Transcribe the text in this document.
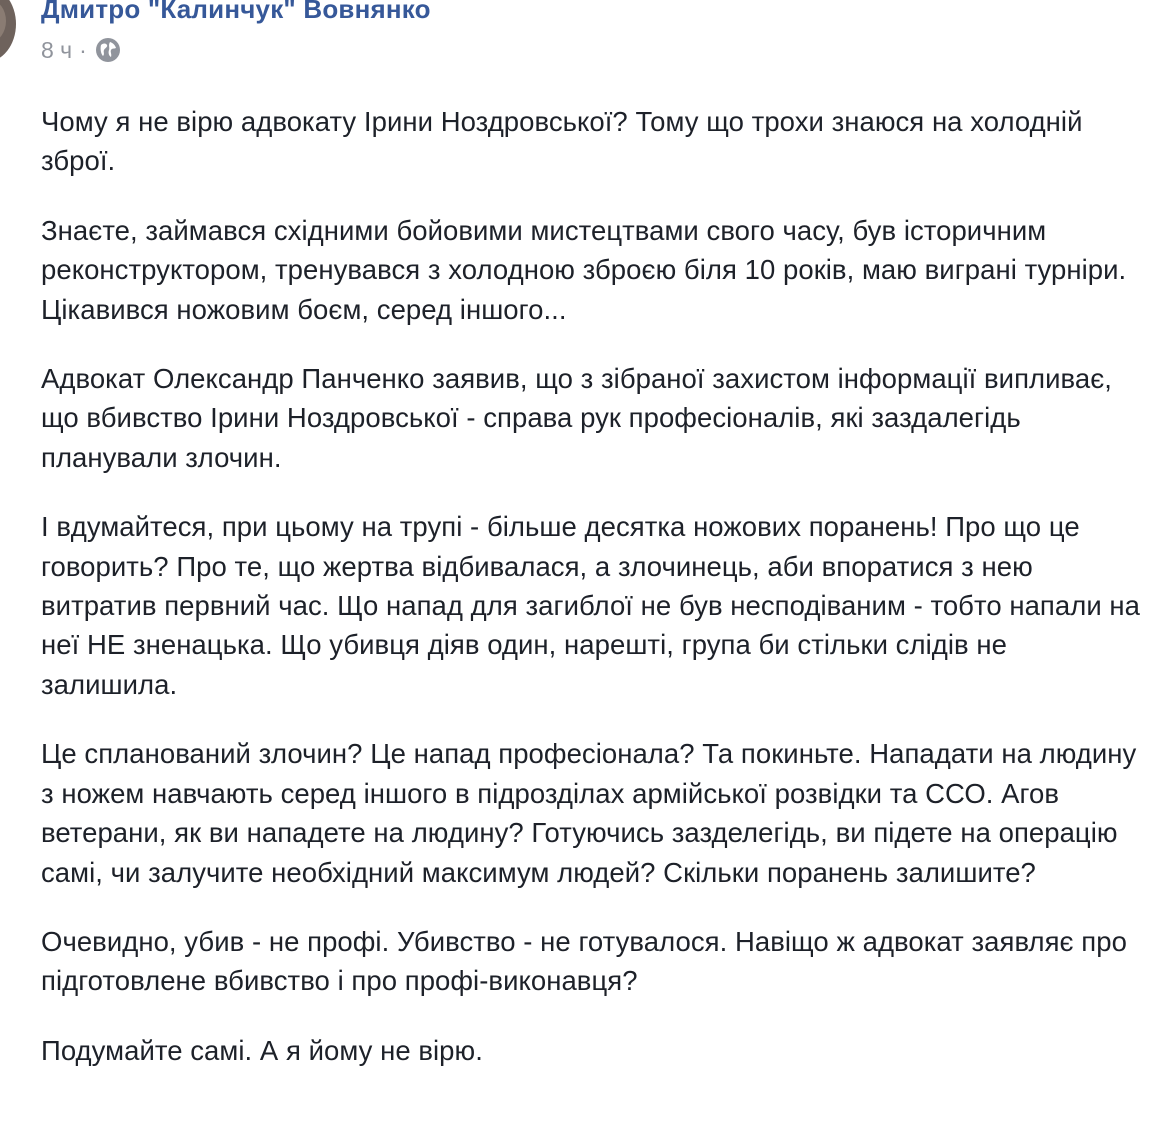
Дмитро "Калинчук" Вовнянко
8 ч ·

Чому я не вірю адвокату Ірини Ноздровської? Тому що трохи знаюся на холодній зброї.

Знаєте, займався східними бойовими мистецтвами свого часу, був історичним реконструктором, тренувався з холодною зброєю біля 10 років, маю виграні турніри. Цікавився ножовим боєм, серед іншого...

Адвокат Олександр Панченко заявив, що з зібраної захистом інформації випливає, що вбивство Ірини Ноздровської - справа рук професіоналів, які заздалегідь планували злочин.

І вдумайтеся, при цьому на трупі - більше десятка ножових поранень! Про що це говорить? Про те, що жертва відбивалася, а злочинець, аби впоратися з нею витратив первний час. Що напад для загиблої не був несподіваним - тобто напали на неї НЕ зненацька. Що убивця діяв один, нарешті, група би стільки слідів не залишила.

Це спланований злочин? Це напад професіонала? Та покиньте. Нападати на людину з ножем навчають серед іншого в підрозділах армійської розвідки та ССО. Агов ветерани, як ви нападете на людину? Готуючись зазделегідь, ви підете на операцію самі, чи залучите необхідний максимум людей? Скільки поранень залишите?

Очевидно, убив - не профі. Убивство - не готувалося. Навіщо ж адвокат заявляє про підготовлене вбивство і про профі-виконавця?

Подумайте самі. А я йому не вірю.
